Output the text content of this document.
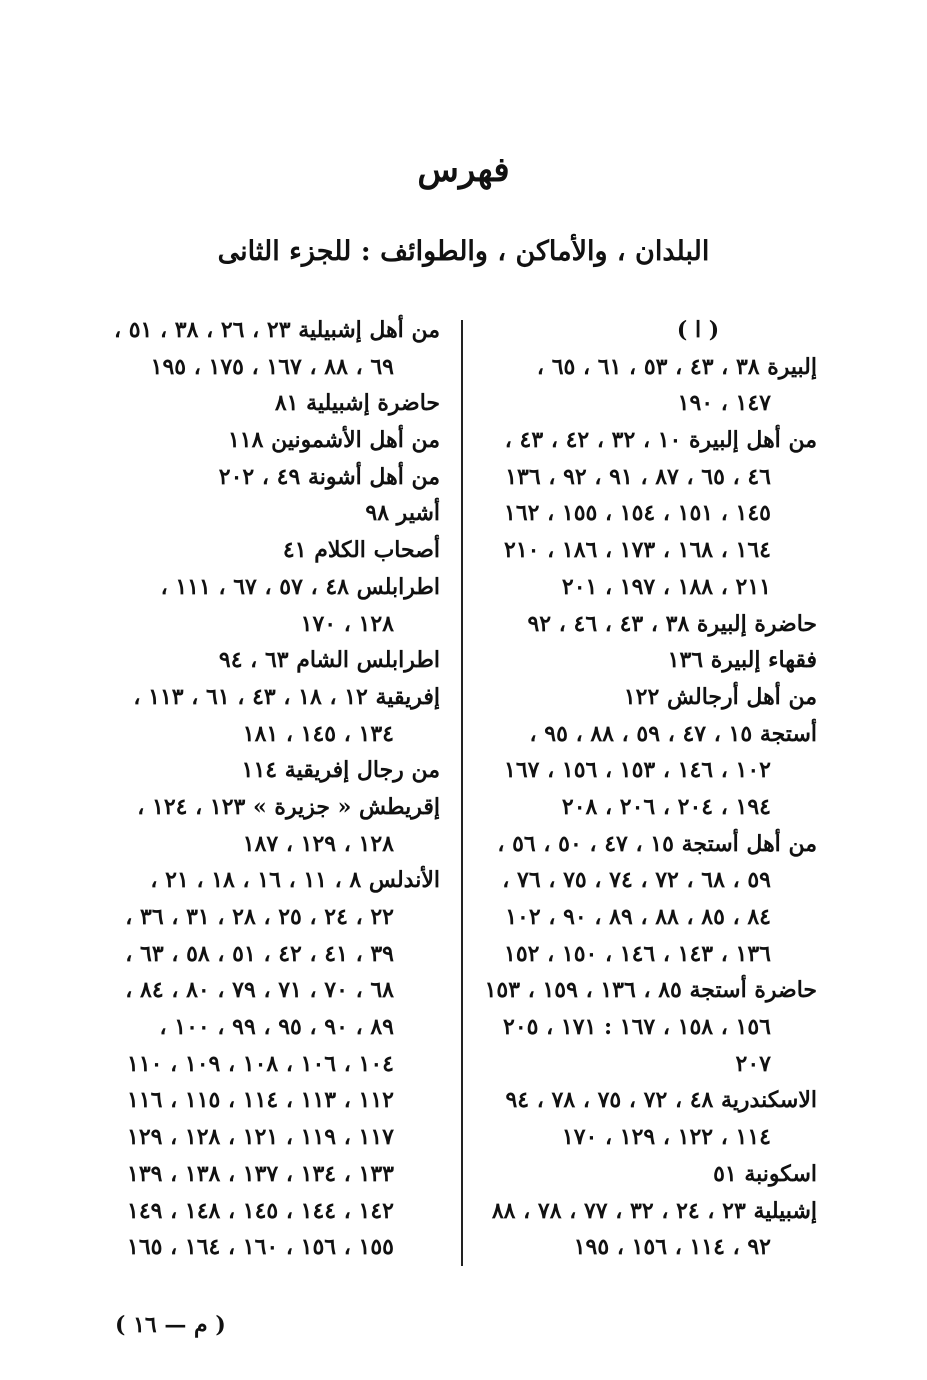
فهرس
البلدان ، والأماكن ، والطوائف : للجزء الثانى
( ا )
إلبيرة ٣٨ ، ٤٣ ، ٥٣ ، ٦١ ، ٦٥ ،
١٤٧ ، ١٩٠
من أهل إلبيرة ١٠ ، ٣٢ ، ٤٢ ، ٤٣ ،
٤٦ ، ٦٥ ، ٨٧ ، ٩١ ، ٩٢ ، ١٣٦
١٤٥ ، ١٥١ ، ١٥٤ ، ١٥٥ ، ١٦٢
١٦٤ ، ١٦٨ ، ١٧٣ ، ١٨٦ ، ٢١٠
٢١١ ، ١٨٨ ، ١٩٧ ، ٢٠١
حاضرة إلبيرة ٣٨ ، ٤٣ ، ٤٦ ، ٩٢
فقهاء إلبيرة ١٣٦
من أهل أرجالش ١٢٢
أستجة ١٥ ، ٤٧ ، ٥٩ ، ٨٨ ، ٩٥ ،
١٠٢ ، ١٤٦ ، ١٥٣ ، ١٥٦ ، ١٦٧
١٩٤ ، ٢٠٤ ، ٢٠٦ ، ٢٠٨
من أهل أستجة ١٥ ، ٤٧ ، ٥٠ ، ٥٦ ،
٥٩ ، ٦٨ ، ٧٢ ، ٧٤ ، ٧٥ ، ٧٦ ،
٨٤ ، ٨٥ ، ٨٨ ، ٨٩ ، ٩٠ ، ١٠٢
١٣٦ ، ١٤٣ ، ١٤٦ ، ١٥٠ ، ١٥٢
حاضرة أستجة ٨٥ ، ١٣٦ ، ١٥٩ ، ١٥٣
١٥٦ ، ١٥٨ ، ١٦٧ : ١٧١ ، ٢٠٥
٢٠٧
الاسكندرية ٤٨ ، ٧٢ ، ٧٥ ، ٧٨ ، ٩٤
١١٤ ، ١٢٢ ، ١٢٩ ، ١٧٠
اسكونبة ٥١
إشبيلية ٢٣ ، ٢٤ ، ٣٢ ، ٧٧ ، ٧٨ ، ٨٨
٩٢ ، ١١٤ ، ١٥٦ ، ١٩٥
من أهل إشبيلية ٢٣ ، ٢٦ ، ٣٨ ، ٥١ ،
٦٩ ، ٨٨ ، ١٦٧ ، ١٧٥ ، ١٩٥
حاضرة إشبيلية ٨١
من أهل الأشمونين ١١٨
من أهل أشونة ٤٩ ، ٢٠٢
أشير ٩٨
أصحاب الكلام ٤١
اطرابلس ٤٨ ، ٥٧ ، ٦٧ ، ١١١ ،
١٢٨ ، ١٧٠
اطرابلس الشام ٦٣ ، ٩٤
إفريقية ١٢ ، ١٨ ، ٤٣ ، ٦١ ، ١١٣ ،
١٣٤ ، ١٤٥ ، ١٨١
من رجال إفريقية ١١٤
إقريطش « جزيرة » ١٢٣ ، ١٢٤ ،
١٢٨ ، ١٢٩ ، ١٨٧
الأندلس ٨ ، ١١ ، ١٦ ، ١٨ ، ٢١ ،
٢٢ ، ٢٤ ، ٢٥ ، ٢٨ ، ٣١ ، ٣٦ ،
٣٩ ، ٤١ ، ٤٢ ، ٥١ ، ٥٨ ، ٦٣ ،
٦٨ ، ٧٠ ، ٧١ ، ٧٩ ، ٨٠ ، ٨٤ ،
٨٩ ، ٩٠ ، ٩٥ ، ٩٩ ، ١٠٠ ،
١٠٤ ، ١٠٦ ، ١٠٨ ، ١٠٩ ، ١١٠
١١٢ ، ١١٣ ، ١١٤ ، ١١٥ ، ١١٦
١١٧ ، ١١٩ ، ١٢١ ، ١٢٨ ، ١٢٩
١٣٣ ، ١٣٤ ، ١٣٧ ، ١٣٨ ، ١٣٩
١٤٢ ، ١٤٤ ، ١٤٥ ، ١٤٨ ، ١٤٩
١٥٥ ، ١٥٦ ، ١٦٠ ، ١٦٤ ، ١٦٥
( م — ١٦ )
